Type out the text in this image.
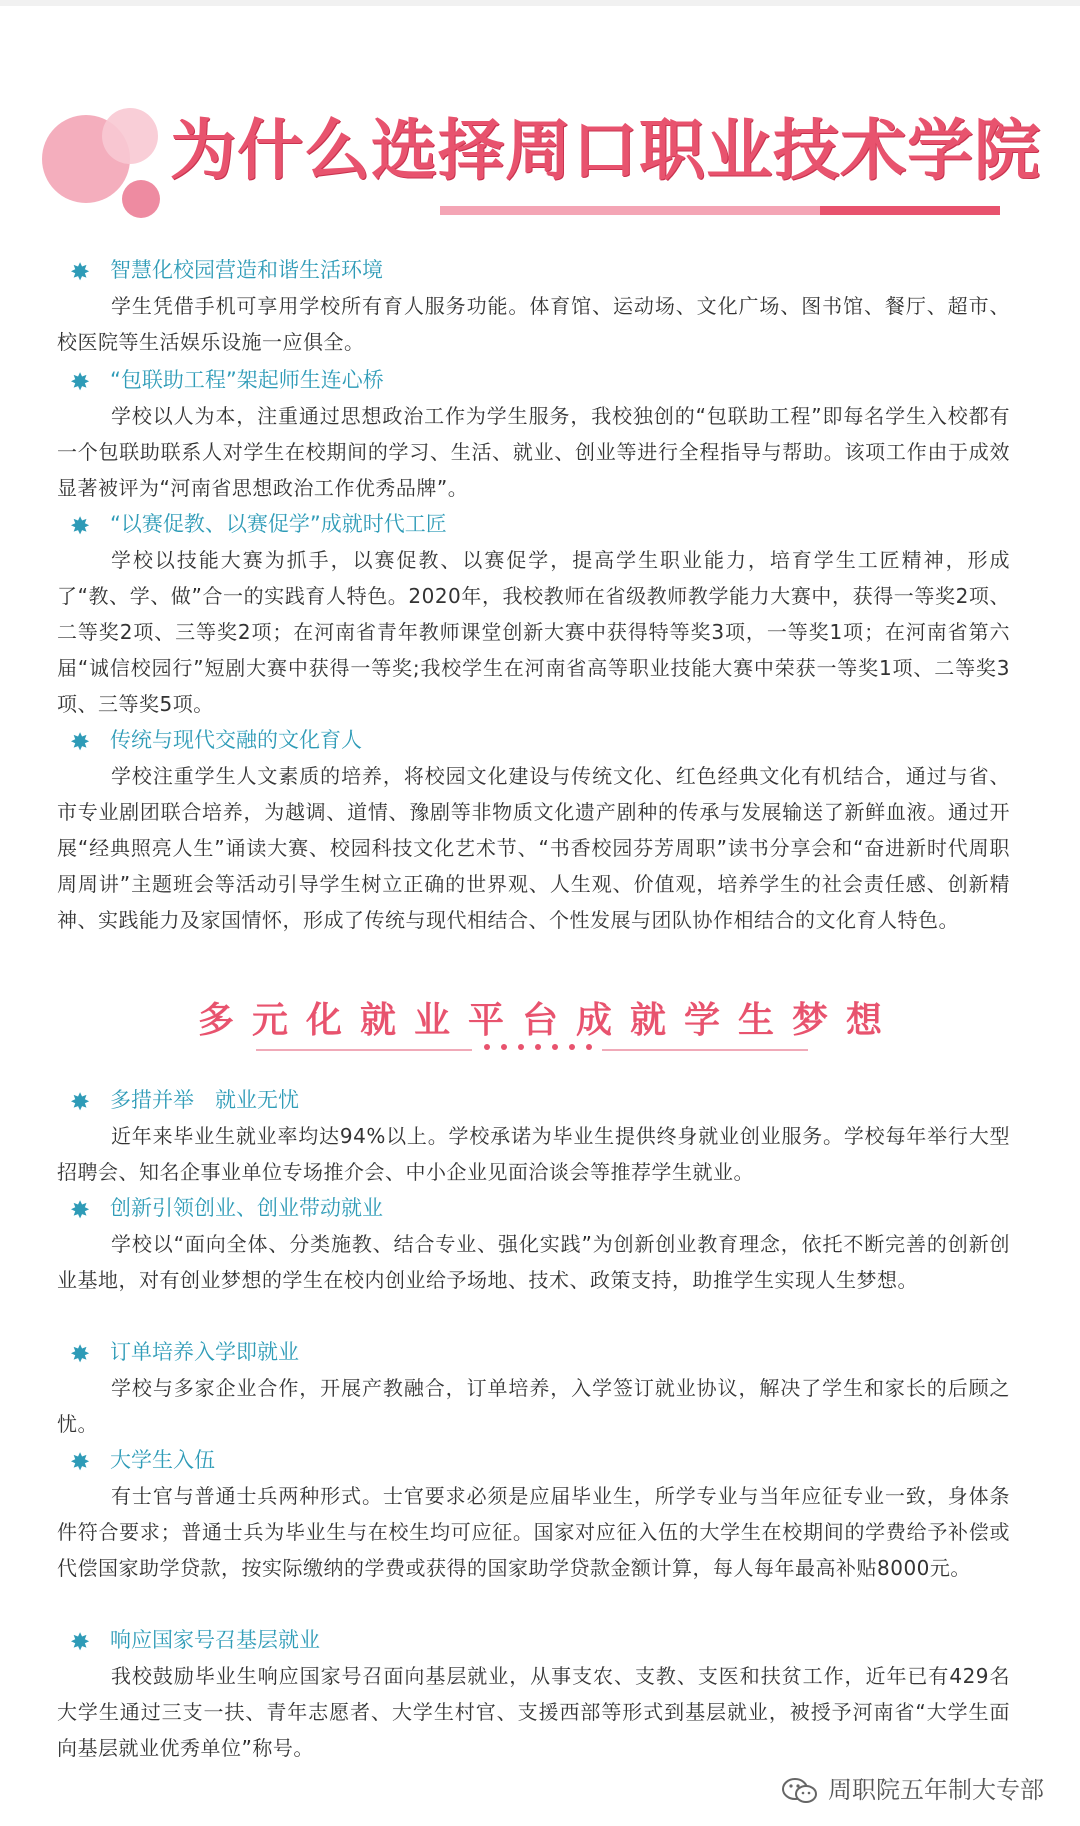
为什么选择周口职业技术学院
✸ 智慧化校园营造和谐生活环境

学生凭借手机可享用学校所有育人服务功能。体育馆、运动场、文化广场、图书馆、餐厅、超市、校医院等生活娱乐设施一应俱全。

✸ “包联助工程”架起师生连心桥

学校以人为本，注重通过思想政治工作为学生服务，我校独创的“包联助工程”即每名学生入校都有一个包联助联系人对学生在校期间的学习、生活、就业、创业等进行全程指导与帮助。该项工作由于成效显著被评为“河南省思想政治工作优秀品牌”。

✸ “以赛促教、以赛促学”成就时代工匠

学校以技能大赛为抓手，以赛促教、以赛促学，提高学生职业能力，培育学生工匠精神，形成了“教、学、做”合一的实践育人特色。2020年，我校教师在省级教师教学能力大赛中，获得一等奖2项、二等奖2项、三等奖2项；在河南省青年教师课堂创新大赛中获得特等奖3项，一等奖1项；在河南省第六届“诚信校园行”短剧大赛中获得一等奖;我校学生在河南省高等职业技能大赛中荣获一等奖1项、二等奖3项、三等奖5项。

✸ 传统与现代交融的文化育人

学校注重学生人文素质的培养，将校园文化建设与传统文化、红色经典文化有机结合，通过与省、市专业剧团联合培养，为越调、道情、豫剧等非物质文化遗产剧种的传承与发展输送了新鲜血液。通过开展“经典照亮人生”诵读大赛、校园科技文化艺术节、“书香校园芬芳周职”读书分享会和“奋进新时代周职周周讲”主题班会等活动引导学生树立正确的世界观、人生观、价值观，培养学生的社会责任感、创新精神、实践能力及家国情怀，形成了传统与现代相结合、个性发展与团队协作相结合的文化育人特色。

多元化就业平台成就学生梦想
✸ 多措并举　就业无忧

近年来毕业生就业率均达94%以上。学校承诺为毕业生提供终身就业创业服务。学校每年举行大型招聘会、知名企事业单位专场推介会、中小企业见面洽谈会等推荐学生就业。

✸ 创新引领创业、创业带动就业

学校以“面向全体、分类施教、结合专业、强化实践”为创新创业教育理念，依托不断完善的创新创业基地，对有创业梦想的学生在校内创业给予场地、技术、政策支持，助推学生实现人生梦想。

✸ 订单培养入学即就业

学校与多家企业合作，开展产教融合，订单培养，入学签订就业协议，解决了学生和家长的后顾之忧。

✸ 大学生入伍

有士官与普通士兵两种形式。士官要求必须是应届毕业生，所学专业与当年应征专业一致，身体条件符合要求；普通士兵为毕业生与在校生均可应征。国家对应征入伍的大学生在校期间的学费给予补偿或代偿国家助学贷款，按实际缴纳的学费或获得的国家助学贷款金额计算，每人每年最高补贴8000元。

✸ 响应国家号召基层就业

我校鼓励毕业生响应国家号召面向基层就业，从事支农、支教、支医和扶贫工作，近年已有429名大学生通过三支一扶、青年志愿者、大学生村官、支援西部等形式到基层就业，被授予河南省“大学生面向基层就业优秀单位”称号。

周职院五年制大专部
